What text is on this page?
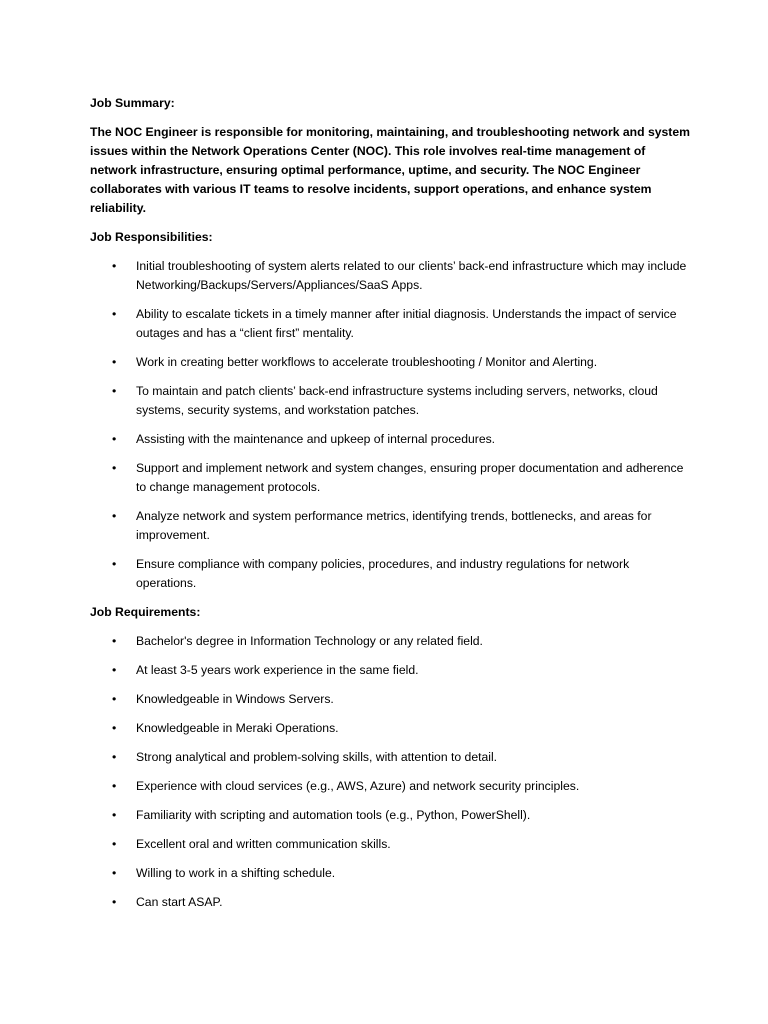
Job Summary:

The NOC Engineer is responsible for monitoring, maintaining, and troubleshooting network and system issues within the Network Operations Center (NOC). This role involves real-time management of network infrastructure, ensuring optimal performance, uptime, and security. The NOC Engineer collaborates with various IT teams to resolve incidents, support operations, and enhance system reliability.

Job Responsibilities:

• Initial troubleshooting of system alerts related to our clients’ back-end infrastructure which may include Networking/Backups/Servers/Appliances/SaaS Apps.
• Ability to escalate tickets in a timely manner after initial diagnosis. Understands the impact of service outages and has a “client first” mentality.
• Work in creating better workflows to accelerate troubleshooting / Monitor and Alerting.
• To maintain and patch clients’ back-end infrastructure systems including servers, networks, cloud systems, security systems, and workstation patches.
• Assisting with the maintenance and upkeep of internal procedures.
• Support and implement network and system changes, ensuring proper documentation and adherence to change management protocols.
• Analyze network and system performance metrics, identifying trends, bottlenecks, and areas for improvement.
• Ensure compliance with company policies, procedures, and industry regulations for network operations.

Job Requirements:

• Bachelor's degree in Information Technology or any related field.
• At least 3-5 years work experience in the same field.
• Knowledgeable in Windows Servers.
• Knowledgeable in Meraki Operations.
• Strong analytical and problem-solving skills, with attention to detail.
• Experience with cloud services (e.g., AWS, Azure) and network security principles.
• Familiarity with scripting and automation tools (e.g., Python, PowerShell).
• Excellent oral and written communication skills.
• Willing to work in a shifting schedule.
• Can start ASAP.
